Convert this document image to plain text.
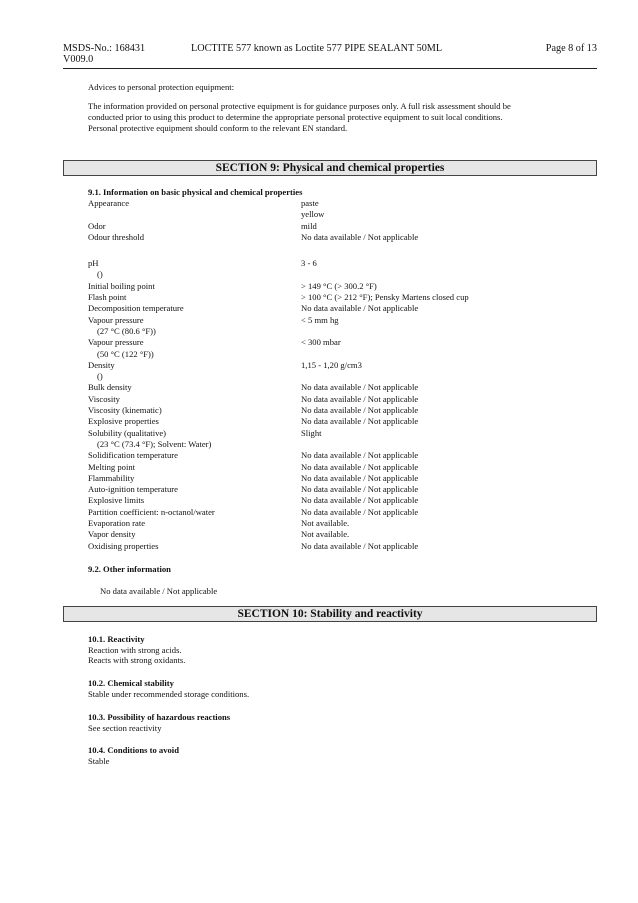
MSDS-No.: 168431	LOCTITE 577 known as Loctite 577 PIPE SEALANT 50ML	Page 8 of 13
V009.0

Advices to personal protection equipment:

The information provided on personal protective equipment is for guidance purposes only. A full risk assessment should be

conducted prior to using this product to determine the appropriate personal protective equipment to suit local conditions.

Personal protective equipment should conform to the relevant EN standard.

SECTION 9: Physical and chemical properties
9.1. Information on basic physical and chemical properties
Appearance	paste
yellow
Odor	mild
Odour threshold	No data available / Not applicable
pH	3 - 6
()
Initial boiling point	> 149 °C (> 300.2 °F)
Flash point	> 100 °C (> 212 °F); Pensky Martens closed cup
Decomposition temperature	No data available / Not applicable
Vapour pressure	< 5 mm hg
(27 °C (80.6 °F))
Vapour pressure	< 300 mbar
(50 °C (122 °F))
Density	1,15 - 1,20 g/cm3
()
Bulk density	No data available / Not applicable
Viscosity	No data available / Not applicable
Viscosity (kinematic)	No data available / Not applicable
Explosive properties	No data available / Not applicable
Solubility (qualitative)	Slight
(23 °C (73.4 °F); Solvent: Water)
Solidification temperature	No data available / Not applicable
Melting point	No data available / Not applicable
Flammability	No data available / Not applicable
Auto-ignition temperature	No data available / Not applicable
Explosive limits	No data available / Not applicable
Partition coefficient: n-octanol/water	No data available / Not applicable
Evaporation rate	Not available.
Vapor density	Not available.
Oxidising properties	No data available / Not applicable
9.2. Other information
No data available / Not applicable
SECTION 10: Stability and reactivity
10.1. Reactivity
Reaction with strong acids.
Reacts with strong oxidants.
10.2. Chemical stability
Stable under recommended storage conditions.
10.3. Possibility of hazardous reactions
See section reactivity
10.4. Conditions to avoid
Stable
